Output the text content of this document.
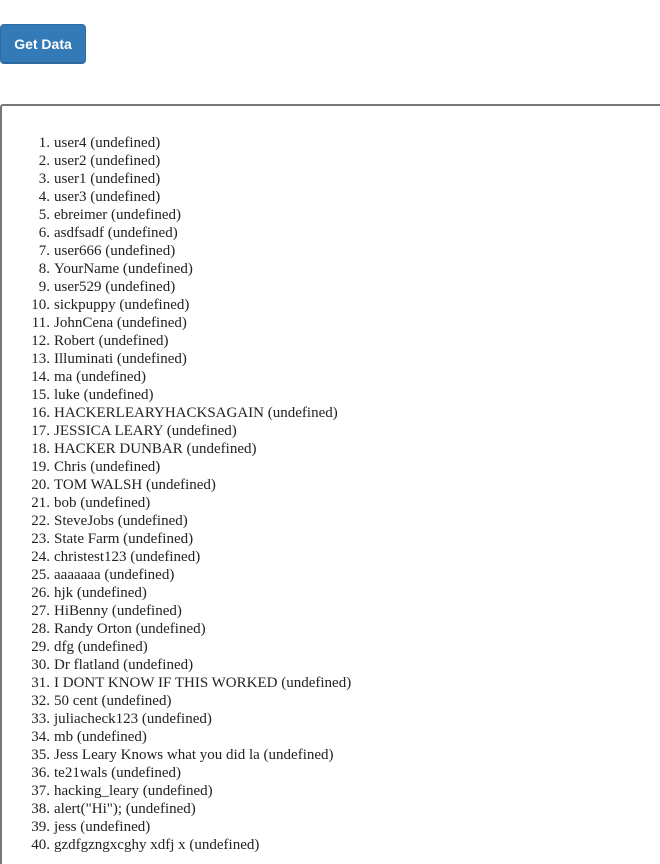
Get Data
1. user4 (undefined)
2. user2 (undefined)
3. user1 (undefined)
4. user3 (undefined)
5. ebreimer (undefined)
6. asdfsadf (undefined)
7. user666 (undefined)
8. YourName (undefined)
9. user529 (undefined)
10. sickpuppy (undefined)
11. JohnCena (undefined)
12. Robert (undefined)
13. Illuminati (undefined)
14. ma (undefined)
15. luke (undefined)
16. HACKERLEARYHACKSAGAIN (undefined)
17. JESSICA LEARY (undefined)
18. HACKER DUNBAR (undefined)
19. Chris (undefined)
20. TOM WALSH (undefined)
21. bob (undefined)
22. SteveJobs (undefined)
23. State Farm (undefined)
24. christest123 (undefined)
25. aaaaaaa (undefined)
26. hjk (undefined)
27. HiBenny (undefined)
28. Randy Orton (undefined)
29. dfg (undefined)
30. Dr flatland (undefined)
31. I DONT KNOW IF THIS WORKED (undefined)
32. 50 cent (undefined)
33. juliacheck123 (undefined)
34. mb (undefined)
35. Jess Leary Knows what you did la (undefined)
36. te21wals (undefined)
37. hacking_leary (undefined)
38. alert("Hi"); (undefined)
39. jess (undefined)
40. gzdfgzngxcghy xdfj x (undefined)
